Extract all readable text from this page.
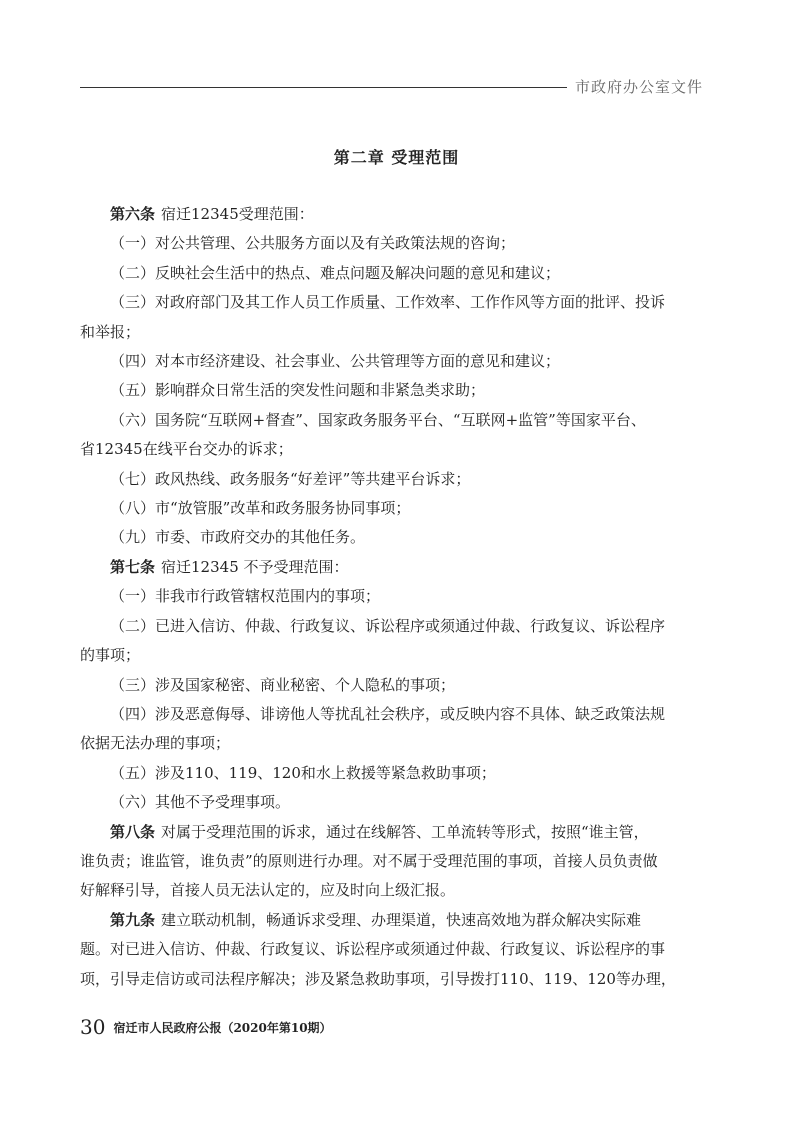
市政府办公室文件
第二章 受理范围

第六条 宿迁12345受理范围：

（一）对公共管理、公共服务方面以及有关政策法规的咨询；

（二）反映社会生活中的热点、难点问题及解决问题的意见和建议；

（三）对政府部门及其工作人员工作质量、工作效率、工作作风等方面的批评、投诉

和举报；

（四）对本市经济建设、社会事业、公共管理等方面的意见和建议；

（五）影响群众日常生活的突发性问题和非紧急类求助；

（六）国务院“互联网+督查”、国家政务服务平台、“互联网+监管”等国家平台、

省12345在线平台交办的诉求；

（七）政风热线、政务服务“好差评”等共建平台诉求；

（八）市“放管服”改革和政务服务协同事项；

（九）市委、市政府交办的其他任务。

第七条 宿迁12345 不予受理范围：

（一）非我市行政管辖权范围内的事项；

（二）已进入信访、仲裁、行政复议、诉讼程序或须通过仲裁、行政复议、诉讼程序

的事项；

（三）涉及国家秘密、商业秘密、个人隐私的事项；

（四）涉及恶意侮辱、诽谤他人等扰乱社会秩序，或反映内容不具体、缺乏政策法规

依据无法办理的事项；

（五）涉及110、119、120和水上救援等紧急救助事项；

（六）其他不予受理事项。

第八条 对属于受理范围的诉求，通过在线解答、工单流转等形式，按照“谁主管，

谁负责；谁监管，谁负责”的原则进行办理。对不属于受理范围的事项，首接人员负责做

好解释引导，首接人员无法认定的，应及时向上级汇报。

第九条 建立联动机制，畅通诉求受理、办理渠道，快速高效地为群众解决实际难

题。对已进入信访、仲裁、行政复议、诉讼程序或须通过仲裁、行政复议、诉讼程序的事

项，引导走信访或司法程序解决；涉及紧急救助事项，引导拨打110、119、120等办理，

30 宿迁市人民政府公报（2020年第10期）
